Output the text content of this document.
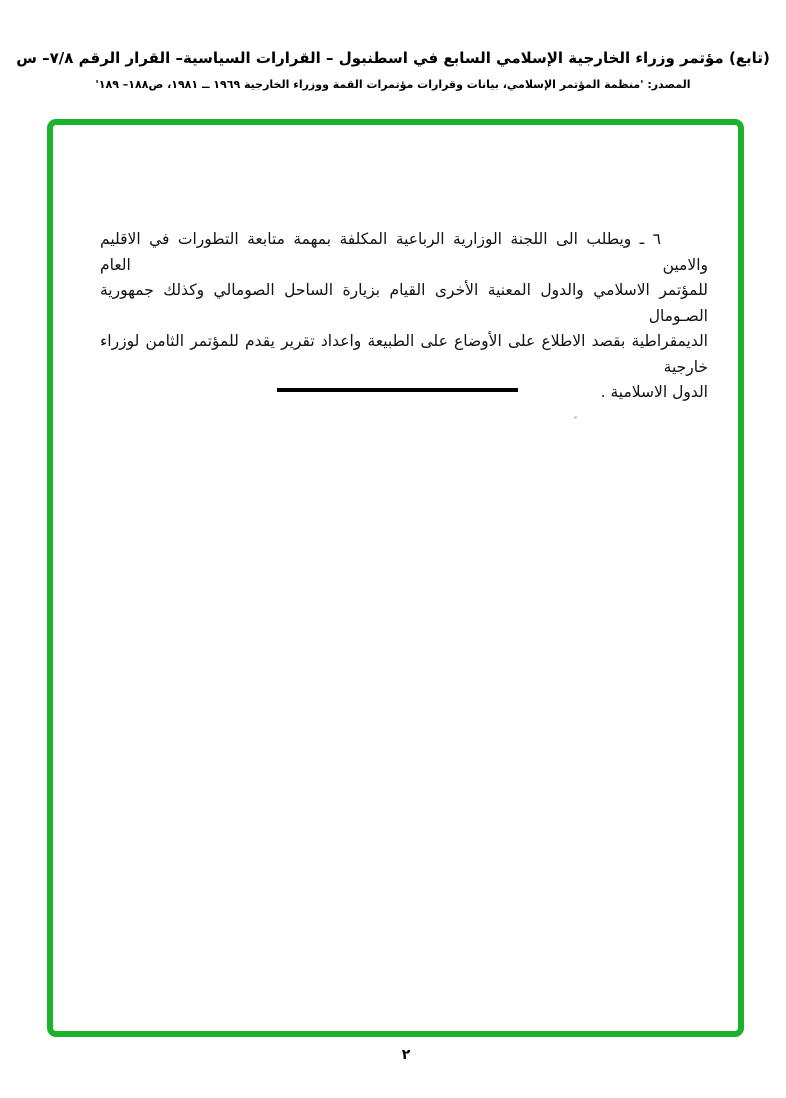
(تابع) مؤتمر وزراء الخارجية الإسلامي السابع في اسطنبول – القرارات السياسية– القرار الرقم ٧/٨– س
المصدر: 'منظمة المؤتمر الإسلامي، بيانات وقرارات مؤتمرات القمة ووزراء الخارجية ١٩٦٩ ــ ١٩٨١، ص١٨٨– ١٨٩'
٦ ـ ويطلب الى اللجنة الوزارية الرباعية المكلفة بمهمة متابعة التطورات في الاقليم والامين العام
للمؤتمر الاسلامي والدول المعنية الأخرى القيام بزيارة الساحل الصومالي وكذلك جمهورية الصـومال
الديمقراطية بقصد الاطلاع على الأوضاع على الطبيعة واعداد تقرير يقدم للمؤتمر الثامن لوزراء خارجية
الدول الاسلامية .
٢
